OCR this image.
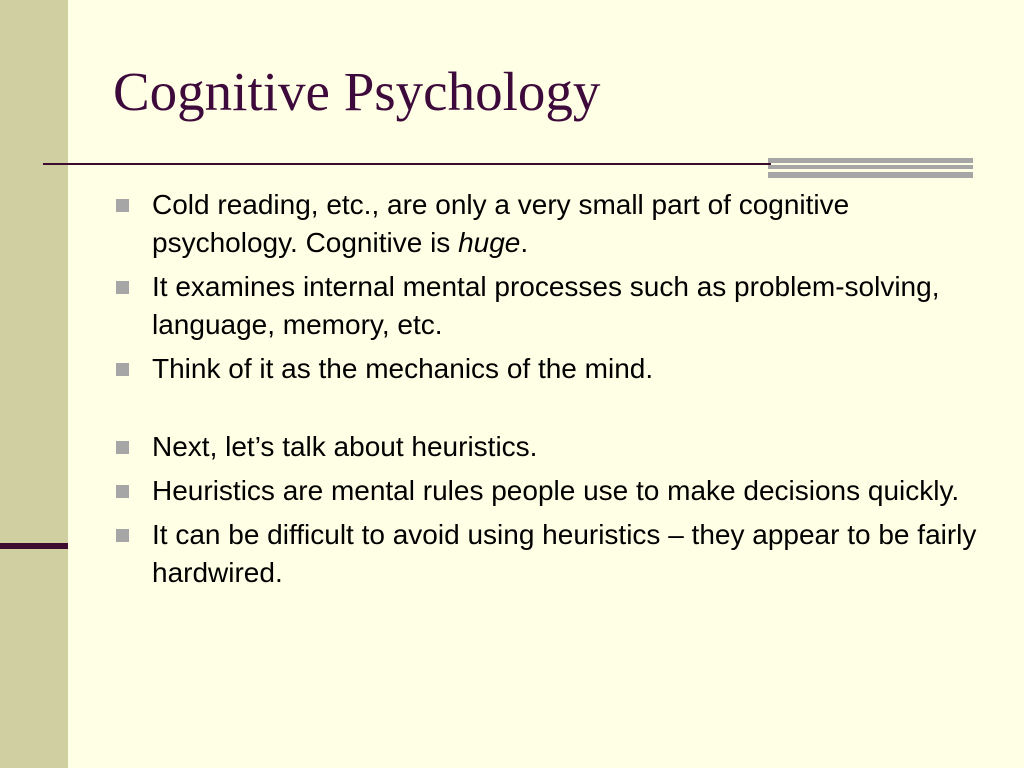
Cognitive Psychology
Cold reading, etc., are only a very small part of cognitive psychology. Cognitive is huge.
It examines internal mental processes such as problem-solving, language, memory, etc.
Think of it as the mechanics of the mind.
Next, let’s talk about heuristics.
Heuristics are mental rules people use to make decisions quickly.
It can be difficult to avoid using heuristics – they appear to be fairly hardwired.
